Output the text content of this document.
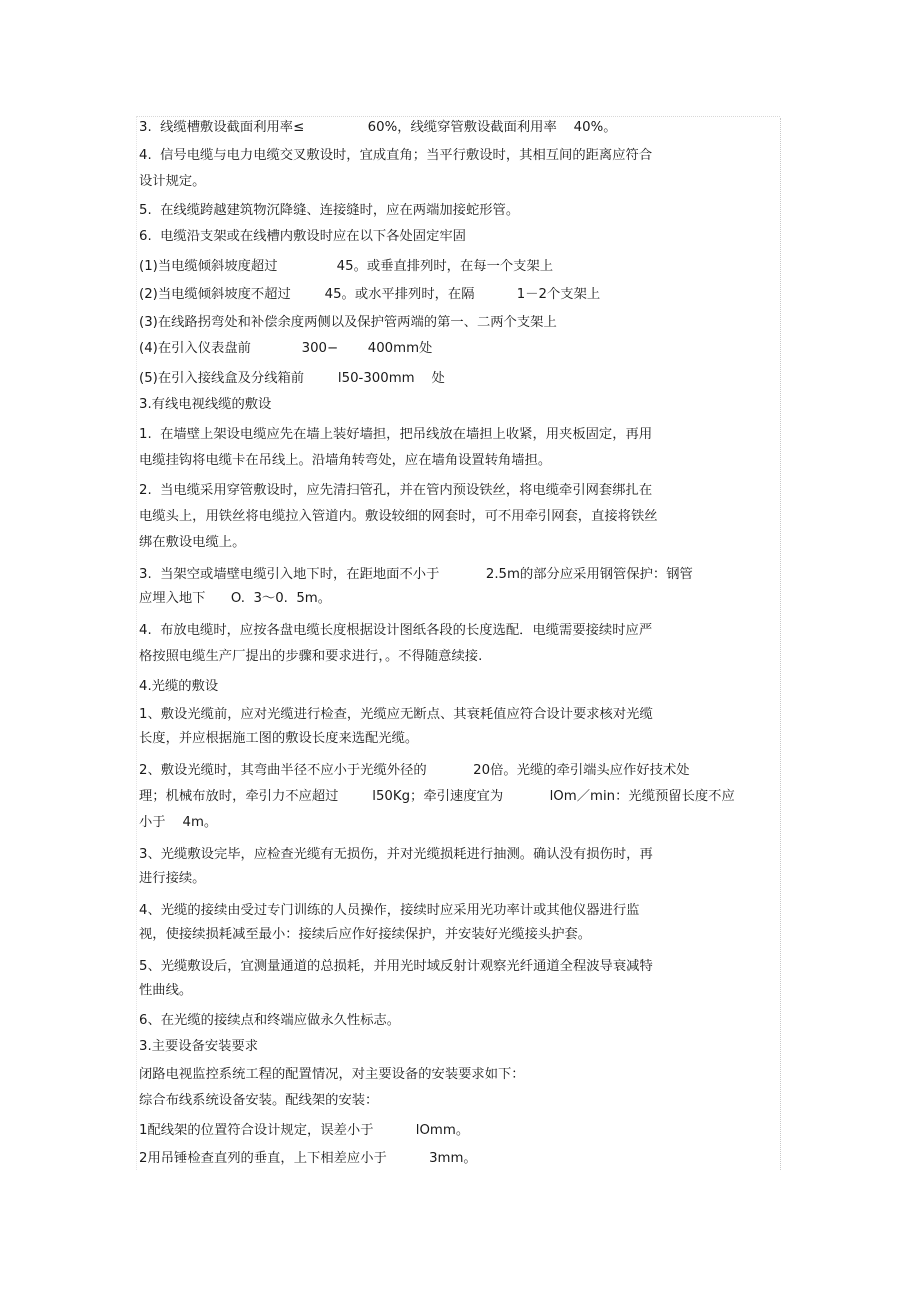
3.  线缆槽敷设截面利用率≤               60%，线缆穿管敷设截面利用率    40%。
4.  信号电缆与电力电缆交叉敷设时，宜成直角；当平行敷设时，其相互间的距离应符合
设计规定。
5.  在线缆跨越建筑物沉降缝、连接缝时，应在两端加接蛇形管。
6.  电缆沿支架或在线槽内敷设时应在以下各处固定牢固
(1)当电缆倾斜坡度超过              45。或垂直排列时，在每一个支架上
(2)当电缆倾斜坡度不超过        45。或水平排列时，在隔          1－2个支架上
(3)在线路拐弯处和补偿余度两侧以及保护管两端的第一、二两个支架上
(4)在引入仪表盘前            300−       400mm处
(5)在引入接线盒及分线箱前        l50-300mm    处
3.有线电视线缆的敷设
1.  在墙壁上架设电缆应先在墙上装好墙担，把吊线放在墙担上收紧，用夹板固定，再用
电缆挂钩将电缆卡在吊线上。沿墙角转弯处，应在墙角设置转角墙担。
2.  当电缆采用穿管敷设时，应先清扫管孔，并在管内预设铁丝，将电缆牵引网套绑扎在
电缆头上，用铁丝将电缆拉入管道内。敷设较细的网套时，可不用牵引网套，直接将铁丝
绑在敷设电缆上。
3.  当架空或墙壁电缆引入地下时，在距地面不小于           2.5m的部分应采用钢管保护：钢管
应埋入地下      O.  3～0.  5m。
4.  布放电缆时，应按各盘电缆长度根据设计图纸各段的长度选配．电缆需要接续时应严
格按照电缆生产厂提出的步骤和要求进行，。不得随意续接.
4.光缆的敷设
1、敷设光缆前，应对光缆进行检查，光缆应无断点、其衰耗值应符合设计要求核对光缆
长度，并应根据施工图的敷设长度来选配光缆。
2、敷设光缆时，其弯曲半径不应小于光缆外径的           20倍。光缆的牵引端头应作好技术处
理；机械布放时，牵引力不应超过        l50Kg；牵引速度宜为           lOm／min：光缆预留长度不应
小于    4m。
3、光缆敷设完毕，应检查光缆有无损伤，并对光缆损耗进行抽测。确认没有损伤时，再
进行接续。
4、光缆的接续由受过专门训练的人员操作，接续时应采用光功率计或其他仪器进行监
视，使接续损耗减至最小：接续后应作好接续保护，并安装好光缆接头护套。
5、光缆敷设后，宜测量通道的总损耗，并用光时域反射计观察光纤通道全程波导衰减特
性曲线。
6、在光缆的接续点和终端应做永久性标志。
3.主要设备安装要求
闭路电视监控系统工程的配置情况，对主要设备的安装要求如下：
综合布线系统设备安装。配线架的安装：
1配线架的位置符合设计规定，误差小于          lOmm。
2用吊锤检查直列的垂直，上下相差应小于          3mm。
